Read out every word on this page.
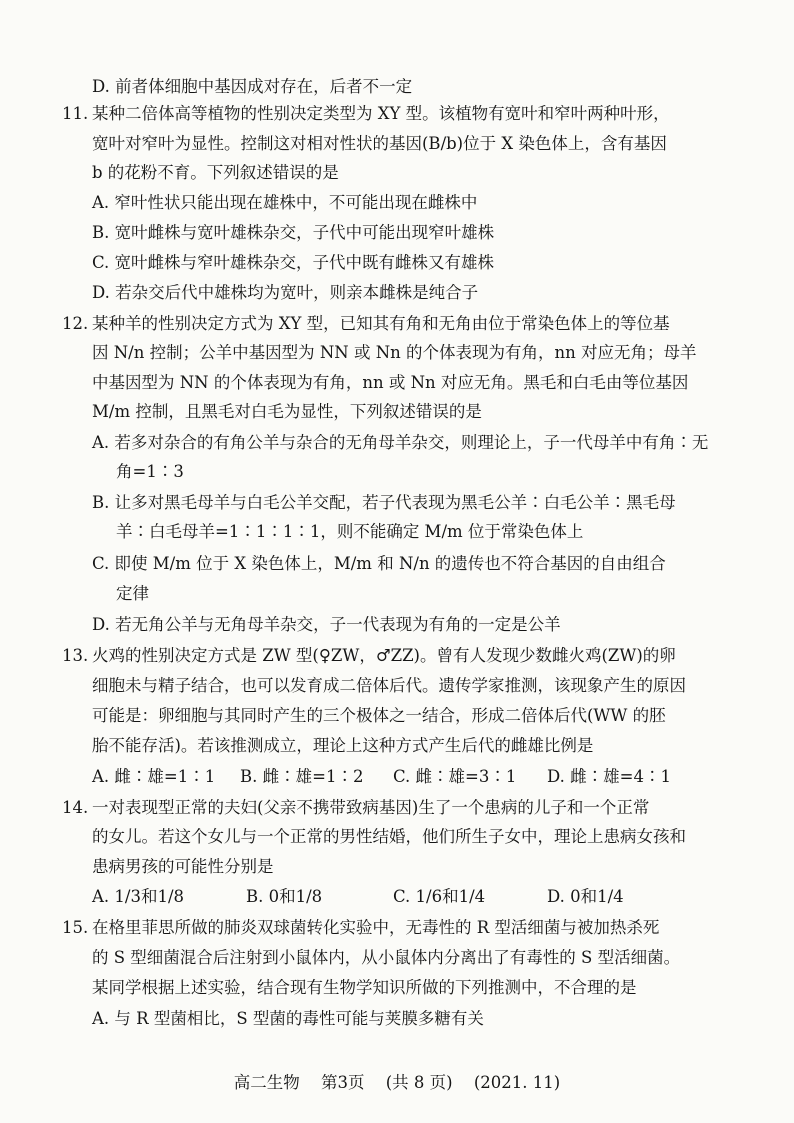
D. 前者体细胞中基因成对存在，后者不一定
11. 某种二倍体高等植物的性别决定类型为 XY 型。该植物有宽叶和窄叶两种叶形，
宽叶对窄叶为显性。控制这对相对性状的基因(B/b)位于 X 染色体上，含有基因
b 的花粉不育。下列叙述错误的是
A. 窄叶性状只能出现在雄株中，不可能出现在雌株中
B. 宽叶雌株与宽叶雄株杂交，子代中可能出现窄叶雄株
C. 宽叶雌株与窄叶雄株杂交，子代中既有雌株又有雄株
D. 若杂交后代中雄株均为宽叶，则亲本雌株是纯合子
12. 某种羊的性别决定方式为 XY 型，已知其有角和无角由位于常染色体上的等位基
因 N/n 控制；公羊中基因型为 NN 或 Nn 的个体表现为有角，nn 对应无角；母羊
中基因型为 NN 的个体表现为有角，nn 或 Nn 对应无角。黑毛和白毛由等位基因
M/m 控制，且黑毛对白毛为显性，下列叙述错误的是
A. 若多对杂合的有角公羊与杂合的无角母羊杂交，则理论上，子一代母羊中有角∶无
角=1∶3
B. 让多对黑毛母羊与白毛公羊交配，若子代表现为黑毛公羊∶白毛公羊∶黑毛母
羊∶白毛母羊=1∶1∶1∶1，则不能确定 M/m 位于常染色体上
C. 即使 M/m 位于 X 染色体上，M/m 和 N/n 的遗传也不符合基因的自由组合
定律
D. 若无角公羊与无角母羊杂交，子一代表现为有角的一定是公羊
13. 火鸡的性别决定方式是 ZW 型(♀ZW，♂ZZ)。曾有人发现少数雌火鸡(ZW)的卵
细胞未与精子结合，也可以发育成二倍体后代。遗传学家推测，该现象产生的原因
可能是：卵细胞与其同时产生的三个极体之一结合，形成二倍体后代(WW 的胚
胎不能存活)。若该推测成立，理论上这种方式产生后代的雌雄比例是
A. 雌∶雄=1∶1 B. 雌∶雄=1∶2 C. 雌∶雄=3∶1 D. 雌∶雄=4∶1
14. 一对表现型正常的夫妇(父亲不携带致病基因)生了一个患病的儿子和一个正常
的女儿。若这个女儿与一个正常的男性结婚，他们所生子女中，理论上患病女孩和
患病男孩的可能性分别是
A. 1/3和1/8	B. 0和1/8	C. 1/6和1/4	D. 0和1/4
15. 在格里菲思所做的肺炎双球菌转化实验中，无毒性的 R 型活细菌与被加热杀死
的 S 型细菌混合后注射到小鼠体内，从小鼠体内分离出了有毒性的 S 型活细菌。
某同学根据上述实验，结合现有生物学知识所做的下列推测中，不合理的是
A. 与 R 型菌相比，S 型菌的毒性可能与荚膜多糖有关
高二生物 第3页 (共 8 页) (2021. 11)
